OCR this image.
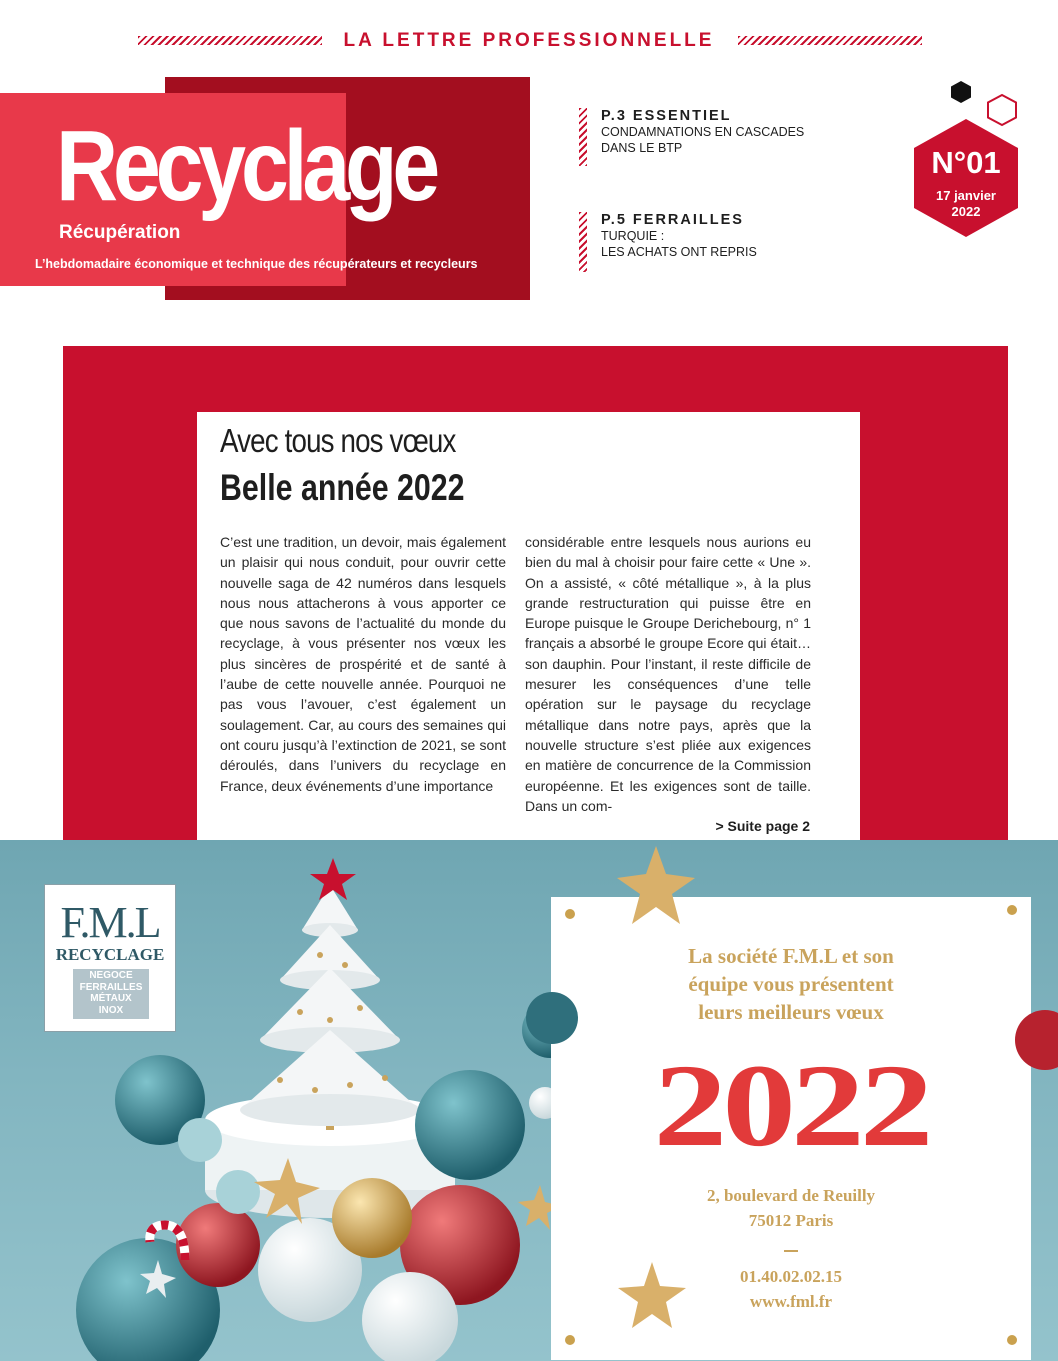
LA LETTRE PROFESSIONNELLE
Recyclage
Récupération
L’hebdomadaire économique et technique des récupérateurs et recycleurs
P.3 ESSENTIEL
CONDAMNATIONS EN CASCADES
DANS LE BTP
P.5 FERRAILLES
TURQUIE :
LES ACHATS ONT REPRIS
N°01
17 janvier
2022
Avec tous nos vœux
Belle année 2022
C’est une tradition, un devoir, mais également un plaisir qui nous conduit, pour ouvrir cette nouvelle saga de 42 numéros dans lesquels nous nous attacherons à vous apporter ce que nous savons de l’actualité du monde du recyclage, à vous présenter nos vœux les plus sincères de prospérité et de santé à l’aube de cette nouvelle année. Pourquoi ne pas vous l’avouer, c’est également un soulagement. Car, au cours des semaines qui ont couru jusqu’à l’extinction de 2021, se sont déroulés, dans l’univers du recyclage en France, deux événements d’une importance
considérable entre lesquels nous aurions eu bien du mal à choisir pour faire cette « Une ». On a assisté, « côté métallique », à la plus grande restructuration qui puisse être en Europe puisque le Groupe Derichebourg, n° 1 français a absorbé le groupe Ecore qui était… son dauphin. Pour l’instant, il reste difficile de mesurer les conséquences d’une telle opération sur le paysage du recyclage métallique dans notre pays, après que la nouvelle structure s’est pliée aux exigences en matière de concurrence de la Commission européenne. Et les exigences sont de taille. Dans un com-
> Suite page 2
F.M.L
RECYCLAGE
NEGOCE
FERRAILLES
MÉTAUX
INOX
La société F.M.L et son
équipe vous présentent
leurs meilleurs vœux
2022
2, boulevard de Reuilly
75012 Paris
01.40.02.02.15
www.fml.fr
